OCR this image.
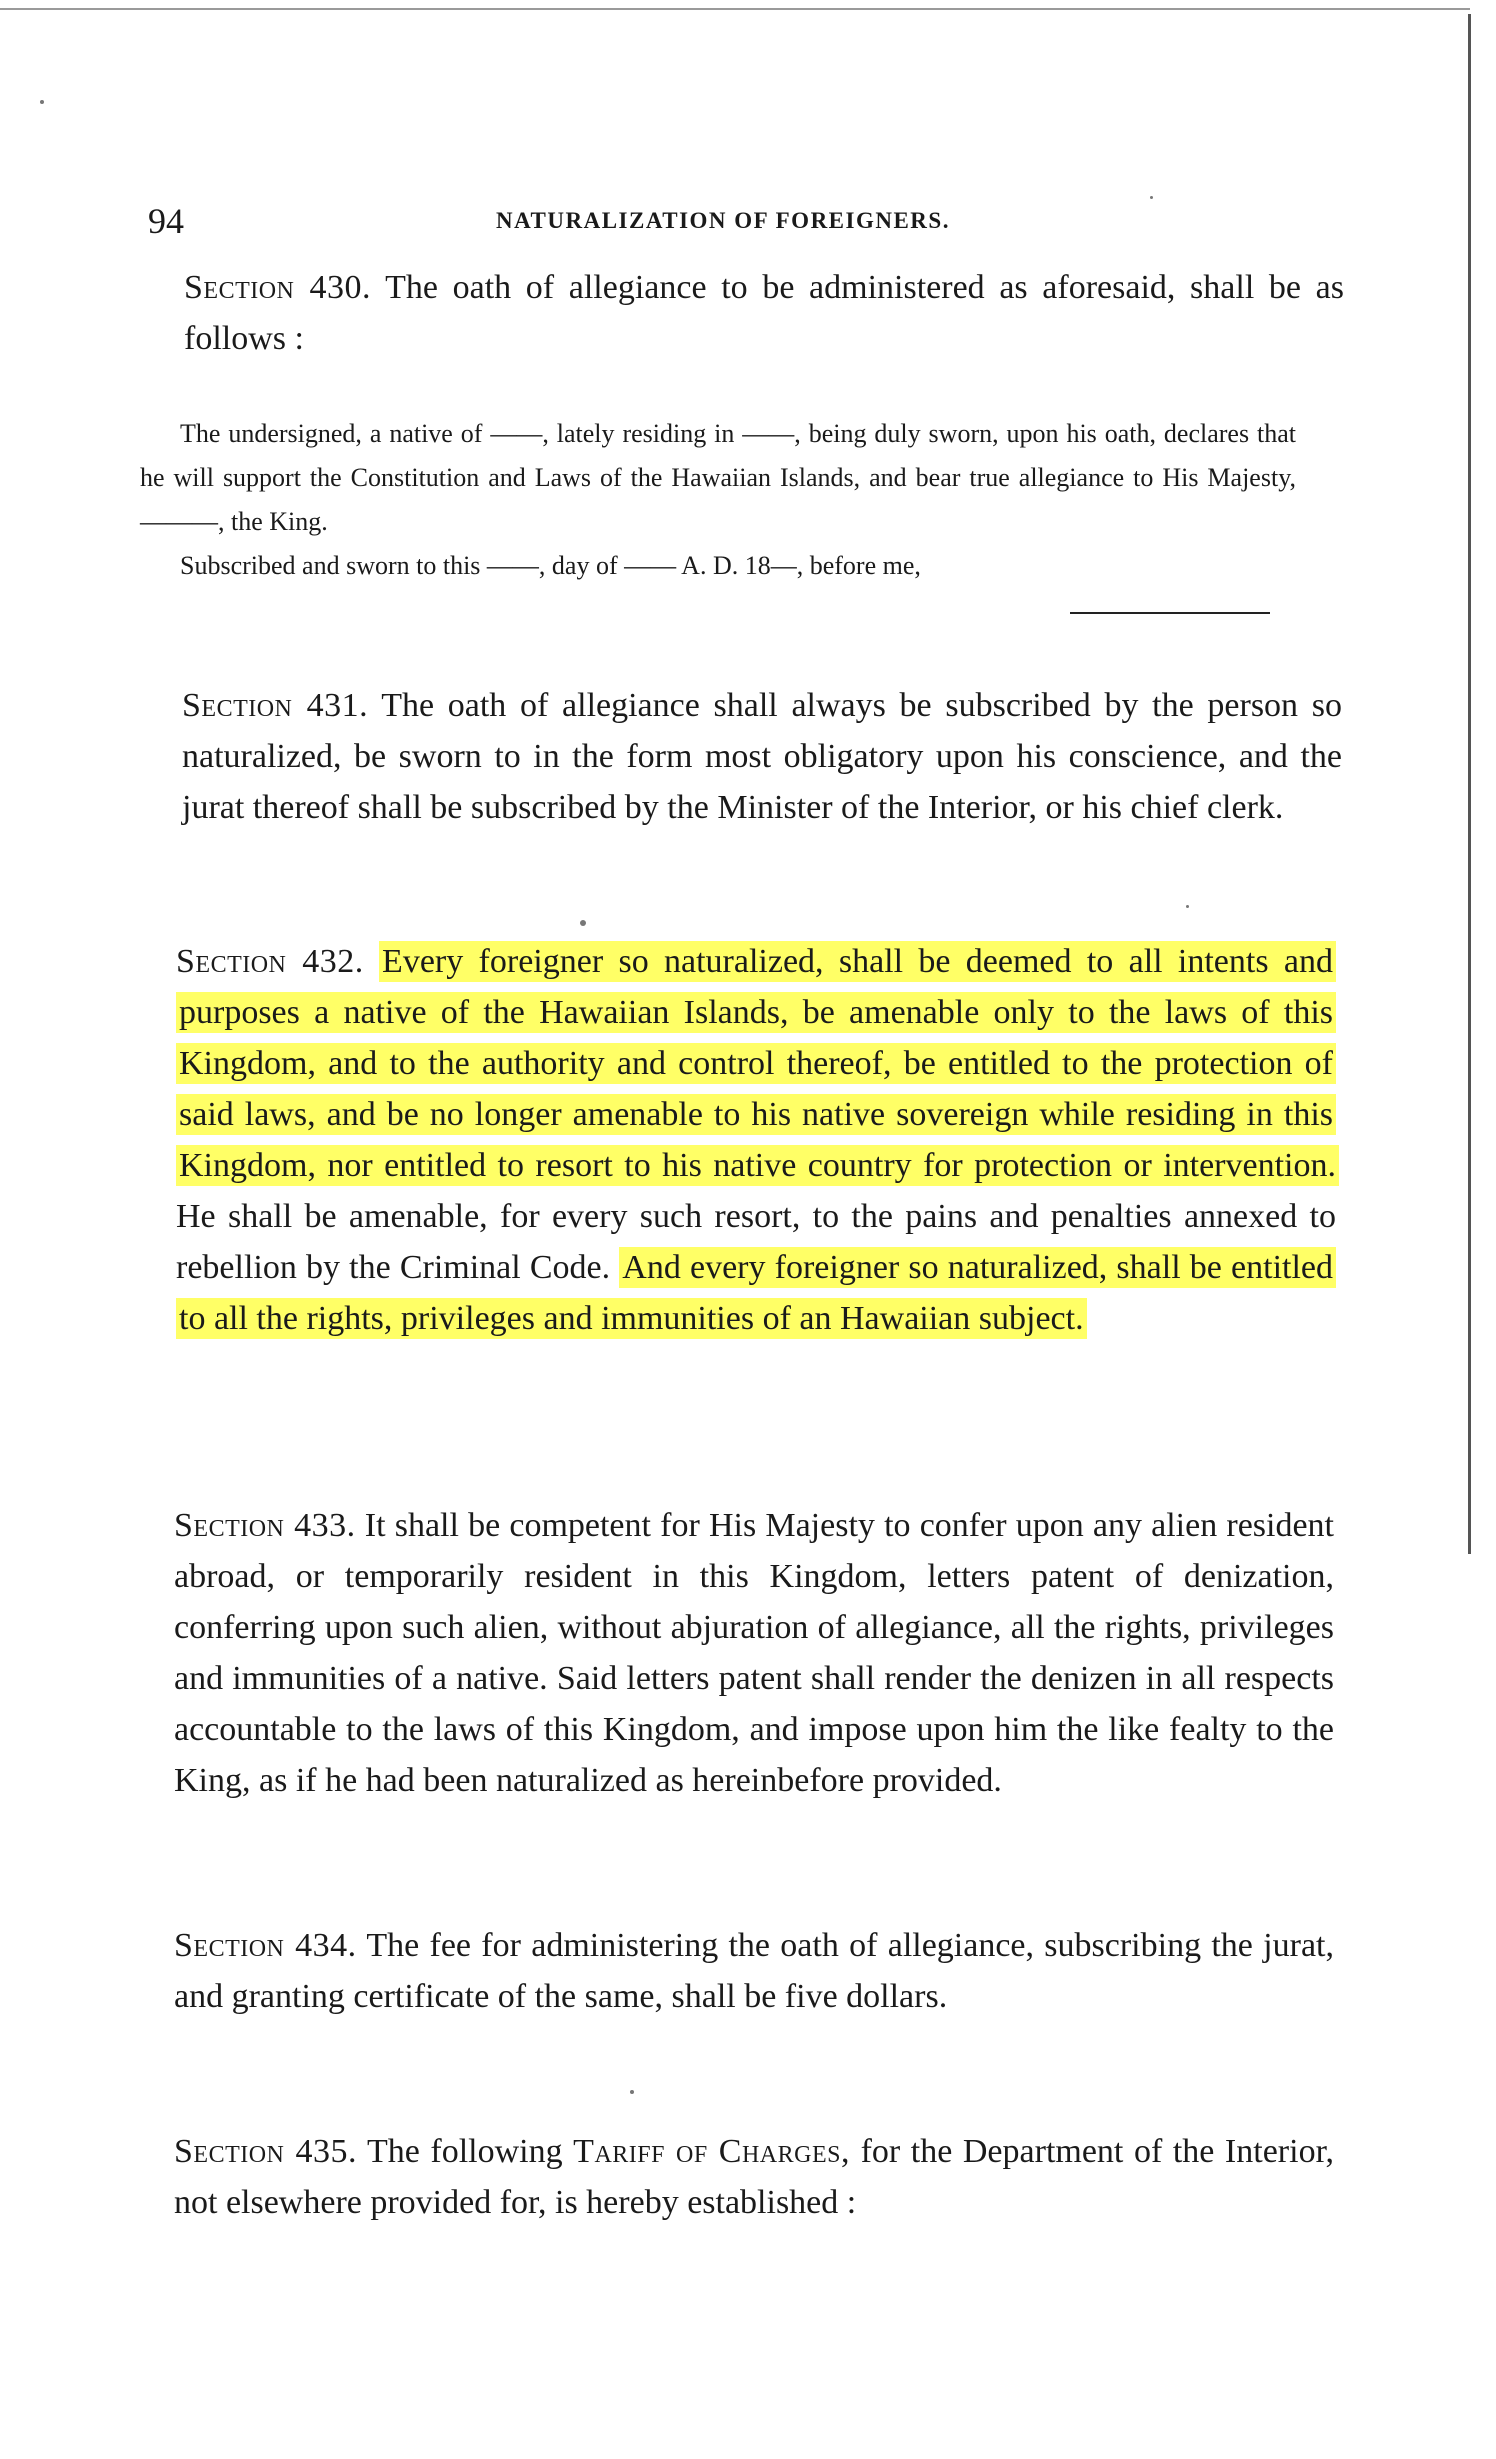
94	NATURALIZATION OF FOREIGNERS.

Section 430. The oath of allegiance to be administered as aforesaid, shall be as follows :

The undersigned, a native of ——, lately residing in ——, being duly sworn, upon his oath, declares that he will support the Constitution and Laws of the Hawaiian Islands, and bear true allegiance to His Majesty, ———, the King.

Subscribed and sworn to this ——, day of —— A. D. 18—, before me,

Section 431. The oath of allegiance shall always be subscribed by the person so naturalized, be sworn to in the form most obligatory upon his conscience, and the jurat thereof shall be subscribed by the Minister of the Interior, or his chief clerk.

Section 432. Every foreigner so naturalized, shall be deemed to all intents and purposes a native of the Hawaiian Islands, be amenable only to the laws of this Kingdom, and to the authority and control thereof, be entitled to the protection of said laws, and be no longer amenable to his native sovereign while residing in this Kingdom, nor entitled to resort to his native country for protection or intervention. He shall be amenable, for every such resort, to the pains and penalties annexed to rebellion by the Criminal Code. And every foreigner so naturalized, shall be entitled to all the rights, privileges and immunities of an Hawaiian subject.

Section 433. It shall be competent for His Majesty to confer upon any alien resident abroad, or temporarily resident in this Kingdom, letters patent of denization, conferring upon such alien, without abjuration of allegiance, all the rights, privileges and immunities of a native. Said letters patent shall render the denizen in all respects accountable to the laws of this Kingdom, and impose upon him the like fealty to the King, as if he had been naturalized as hereinbefore provided.

Section 434. The fee for administering the oath of allegiance, subscribing the jurat, and granting certificate of the same, shall be five dollars.

Section 435. The following Tariff of Charges, for the Department of the Interior, not elsewhere provided for, is hereby established :
